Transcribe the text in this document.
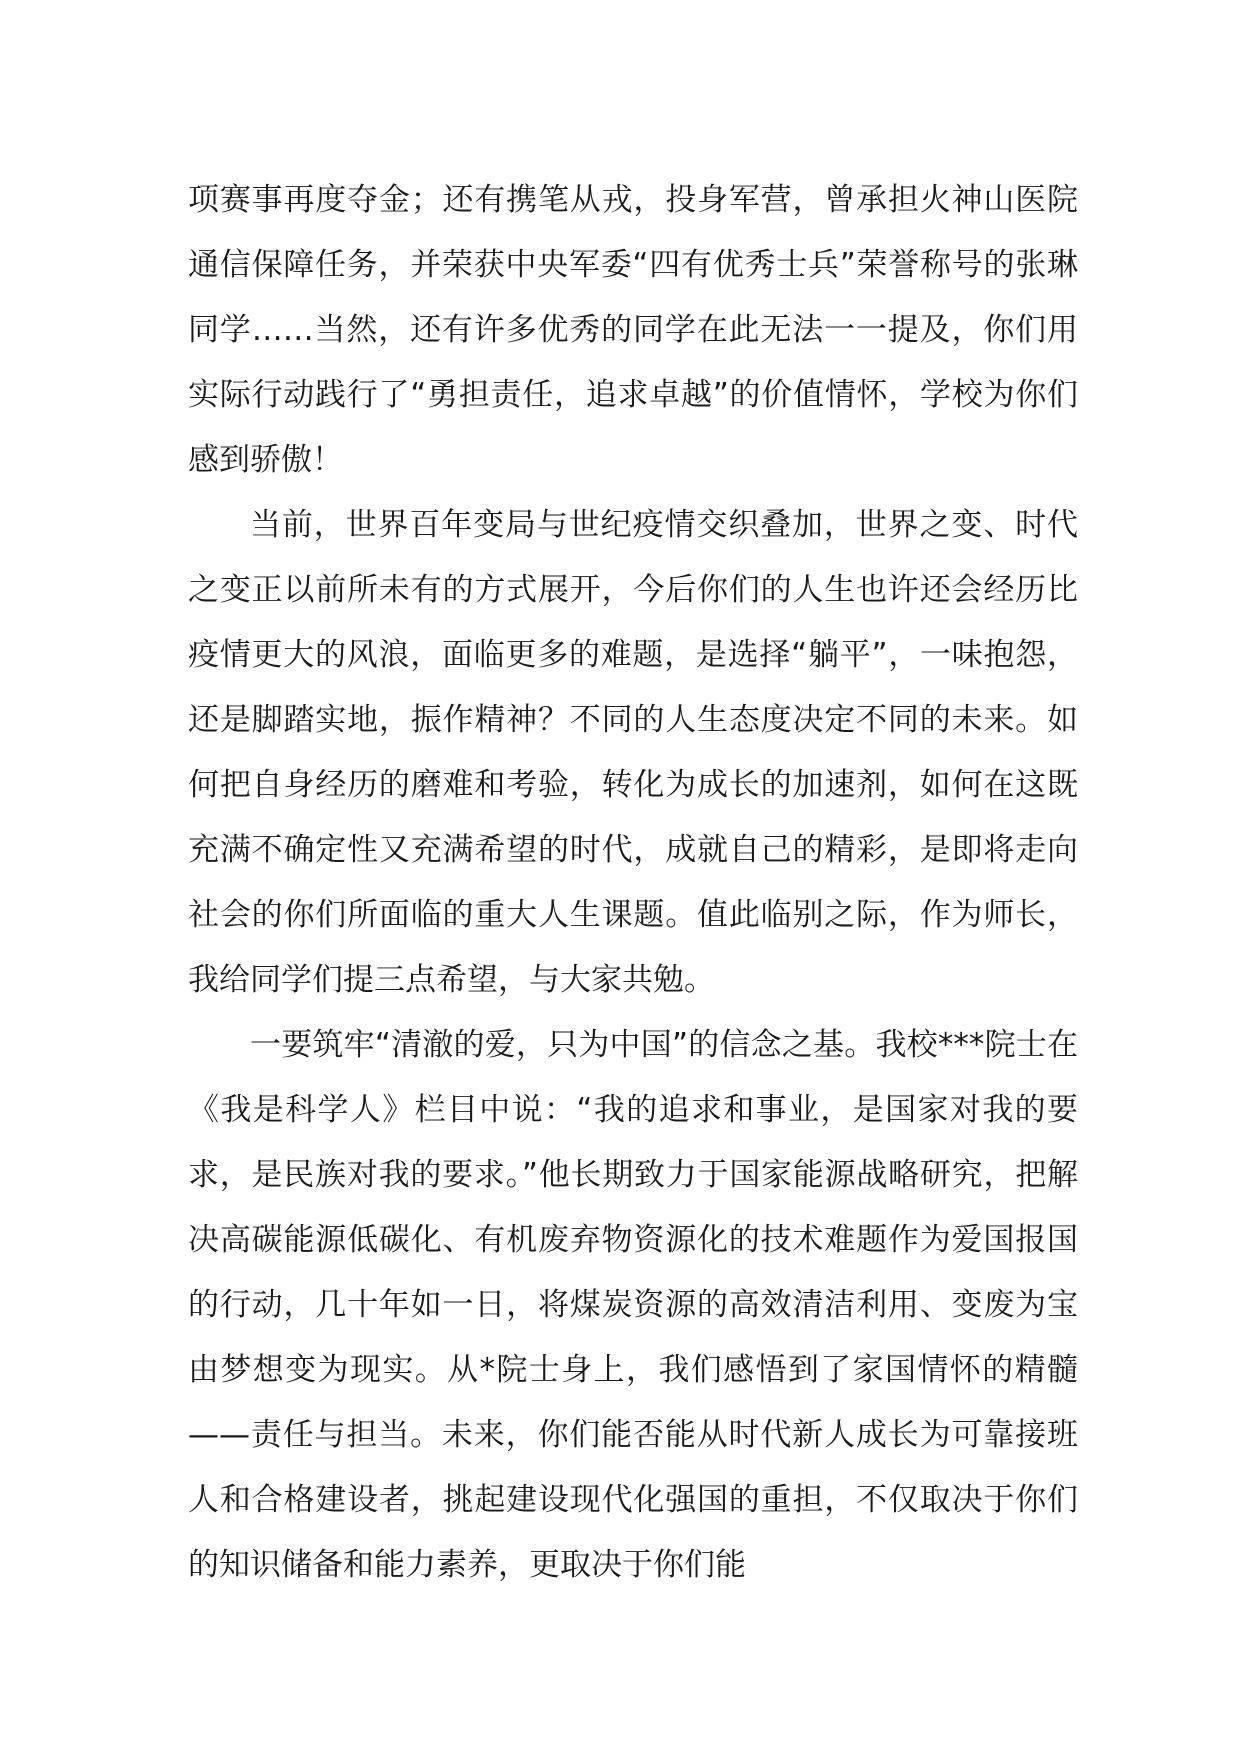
项赛事再度夺金；还有携笔从戎，投身军营，曾承担火神山医院通信保障任务，并荣获中央军委“四有优秀士兵”荣誉称号的张琳同学……当然，还有许多优秀的同学在此无法一一提及，你们用实际行动践行了“勇担责任，追求卓越”的价值情怀，学校为你们感到骄傲！

当前，世界百年变局与世纪疫情交织叠加，世界之变、时代之变正以前所未有的方式展开，今后你们的人生也许还会经历比疫情更大的风浪，面临更多的难题，是选择“躺平”，一味抱怨，还是脚踏实地，振作精神？不同的人生态度决定不同的未来。如何把自身经历的磨难和考验，转化为成长的加速剂，如何在这既充满不确定性又充满希望的时代，成就自己的精彩，是即将走向社会的你们所面临的重大人生课题。值此临别之际，作为师长，我给同学们提三点希望，与大家共勉。

一要筑牢“清澈的爱，只为中国”的信念之基。我校***院士在《我是科学人》栏目中说：“我的追求和事业，是国家对我的要求，是民族对我的要求。”他长期致力于国家能源战略研究，把解决高碳能源低碳化、有机废弃物资源化的技术难题作为爱国报国的行动，几十年如一日，将煤炭资源的高效清洁利用、变废为宝由梦想变为现实。从*院士身上，我们感悟到了家国情怀的精髓——责任与担当。未来，你们能否能从时代新人成长为可靠接班人和合格建设者，挑起建设现代化强国的重担，不仅取决于你们的知识储备和能力素养，更取决于你们能
